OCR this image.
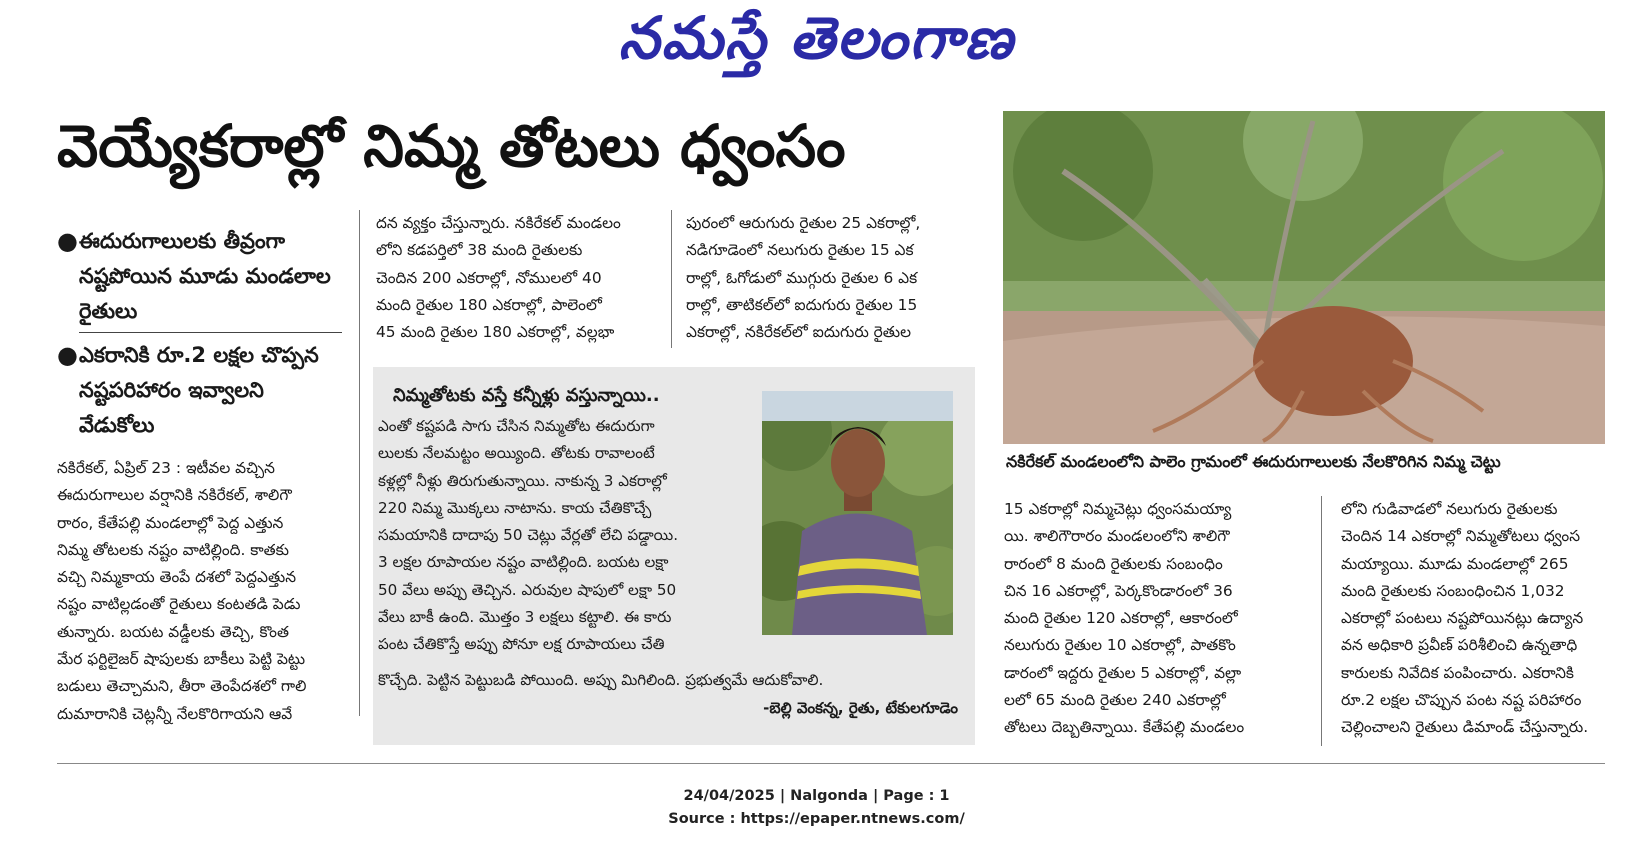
నమస్తే తెలంగాణ
వెయ్యేకరాల్లో నిమ్మ తోటలు ధ్వంసం
● ఈదురుగాలులకు తీవ్రంగా నష్టపోయిన మూడు మండలాల రైతులు
● ఎకరానికి రూ.2 లక్షల చొప్పన నష్టపరిహారం ఇవ్వాలని వేడుకోలు
నకిరేకల్, ఏప్రిల్ 23 : ఇటీవల వచ్చిన
ఈదురుగాలుల వర్షానికి నకిరేకల్, శాలిగౌ
రారం, కేతేపల్లి మండలాల్లో పెద్ద ఎత్తున
నిమ్మ తోటలకు నష్టం వాటిల్లింది. కాతకు
వచ్చి నిమ్మకాయ తెంపే దశలో పెద్దఎత్తున
నష్టం వాటిల్లడంతో రైతులు కంటతడి పెడు
తున్నారు. బయట వడ్డీలకు తెచ్చి, కొంత
మేర ఫర్టిలైజర్ షాపులకు బాకీలు పెట్టి పెట్టు
బడులు తెచ్చామని, తీరా తెంపేదశలో గాలి
దుమారానికి చెట్లన్నీ నేలకొరిగాయని ఆవే
దన వ్యక్తం చేస్తున్నారు. నకిరేకల్ మండలం
లోని కడపర్తిలో 38 మంది రైతులకు
చెందిన 200 ఎకరాల్లో, నోములలో 40
మంది రైతుల 180 ఎకరాల్లో, పాలెంలో
45 మంది రైతుల 180 ఎకరాల్లో, వల్లభా
పురంలో ఆరుగురు రైతుల 25 ఎకరాల్లో,
నడిగూడెంలో నలుగురు రైతుల 15 ఎక
రాల్లో, ఓగోడులో ముగ్గురు రైతుల 6 ఎక
రాల్లో, తాటికల్‌లో ఐదుగురు రైతుల 15
ఎకరాల్లో, నకిరేకల్‌లో ఐదుగురు రైతుల
నిమ్మతోటకు వస్తే కన్నీళ్లు వస్తున్నాయి..
ఎంతో కష్టపడి సాగు చేసిన నిమ్మతోట ఈదురుగా
లులకు నేలమట్టం అయ్యింది. తోటకు రావాలంటే
కళ్లల్లో నీళ్లు తిరుగుతున్నాయి. నాకున్న 3 ఎకరాల్లో
220 నిమ్మ మొక్కలు నాటాను. కాయ చేతికొచ్చే
సమయానికి దాదాపు 50 చెట్లు వేర్లతో లేచి పడ్డాయి.
3 లక్షల రూపాయల నష్టం వాటిల్లింది. బయట లక్షా
50 వేలు అప్పు తెచ్చిన. ఎరువుల షాపులో లక్షా 50
వేలు బాకీ ఉంది. మొత్తం 3 లక్షలు కట్టాలి. ఈ కారు
పంట చేతికొస్తే అప్పు పోనూ లక్ష రూపాయలు చేతి
కొచ్చేది. పెట్టిన పెట్టుబడి పోయింది. అప్పు మిగిలింది. ప్రభుత్వమే ఆదుకోవాలి.
-బెల్లి వెంకన్న, రైతు, టేకులగూడెం
నకిరేకల్ మండలంలోని పాలెం గ్రామంలో ఈదురుగాలులకు నేలకొరిగిన నిమ్మ చెట్టు
15 ఎకరాల్లో నిమ్మచెట్లు ధ్వంసమయ్యా
యి. శాలిగౌరారం మండలంలోని శాలిగౌ
రారంలో 8 మంది రైతులకు సంబంధిం
చిన 16 ఎకరాల్లో, పెర్కకొండారంలో 36
మంది రైతుల 120 ఎకరాల్లో, ఆకారంలో
నలుగురు రైతుల 10 ఎకరాల్లో, పాతకొం
డారంలో ఇద్దరు రైతుల 5 ఎకరాల్లో, వల్లా
లలో 65 మంది రైతుల 240 ఎకరాల్లో
తోటలు దెబ్బతిన్నాయి. కేతేపల్లి మండలం
లోని గుడివాడలో నలుగురు రైతులకు
చెందిన 14 ఎకరాల్లో నిమ్మతోటలు ధ్వంస
మయ్యాయి. మూడు మండలాల్లో 265
మంది రైతులకు సంబంధించిన 1,032
ఎకరాల్లో పంటలు నష్టపోయినట్లు ఉద్యాన
వన అధికారి ప్రవీణ్ పరిశీలించి ఉన్నతాధి
కారులకు నివేదిక పంపించారు. ఎకరానికి
రూ.2 లక్షల చొప్పున పంట నష్ట పరిహారం
చెల్లించాలని రైతులు డిమాండ్ చేస్తున్నారు.
24/04/2025 | Nalgonda | Page : 1
Source : https://epaper.ntnews.com/
